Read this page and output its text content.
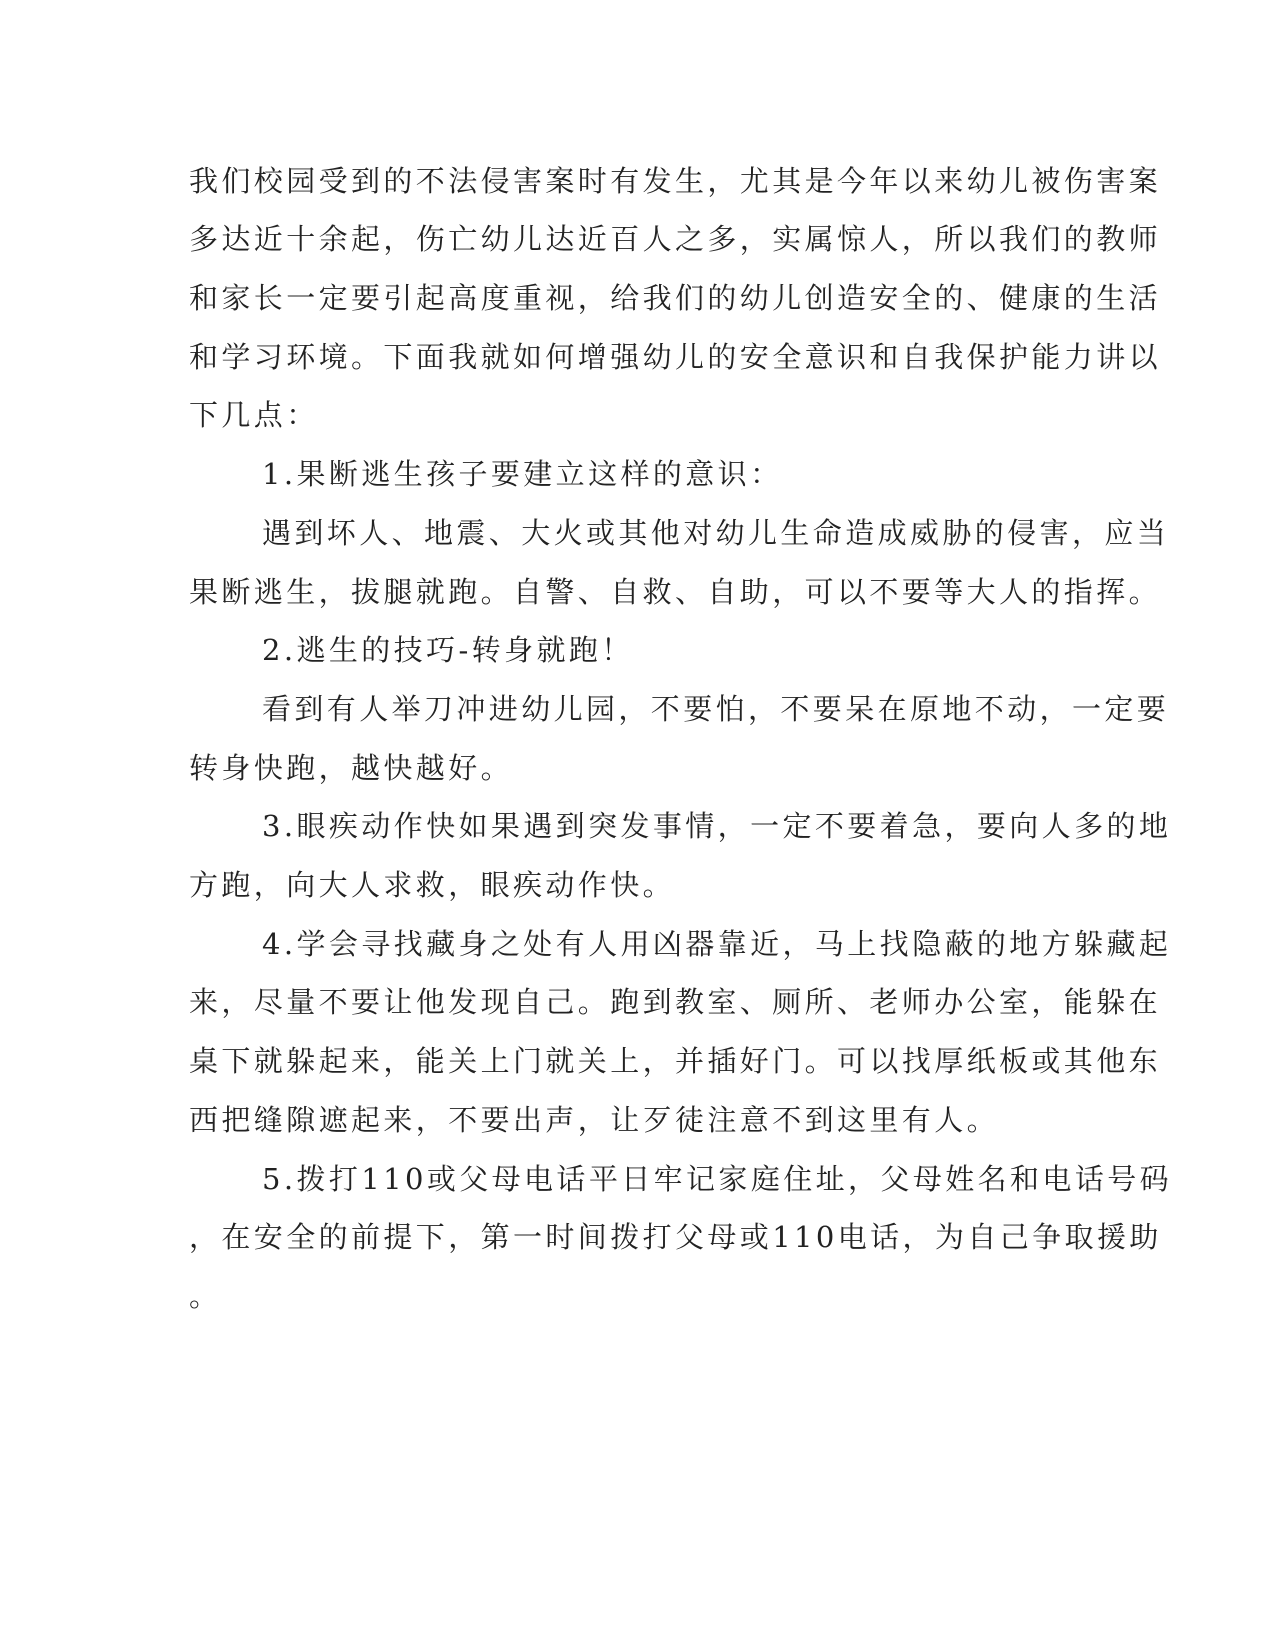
我们校园受到的不法侵害案时有发生，尤其是今年以来幼儿被伤害案

多达近十余起，伤亡幼儿达近百人之多，实属惊人，所以我们的教师

和家长一定要引起高度重视，给我们的幼儿创造安全的、健康的生活

和学习环境。下面我就如何增强幼儿的安全意识和自我保护能力讲以

下几点：

1.果断逃生孩子要建立这样的意识：

遇到坏人、地震、大火或其他对幼儿生命造成威胁的侵害，应当

果断逃生，拔腿就跑。自警、自救、自助，可以不要等大人的指挥。

2.逃生的技巧-转身就跑！

看到有人举刀冲进幼儿园，不要怕，不要呆在原地不动，一定要

转身快跑，越快越好。

3.眼疾动作快如果遇到突发事情，一定不要着急，要向人多的地

方跑，向大人求救，眼疾动作快。

4.学会寻找藏身之处有人用凶器靠近，马上找隐蔽的地方躲藏起

来，尽量不要让他发现自己。跑到教室、厕所、老师办公室，能躲在

桌下就躲起来，能关上门就关上，并插好门。可以找厚纸板或其他东

西把缝隙遮起来，不要出声，让歹徒注意不到这里有人。

5.拨打110或父母电话平日牢记家庭住址，父母姓名和电话号码

，在安全的前提下，第一时间拨打父母或110电话，为自己争取援助

。
